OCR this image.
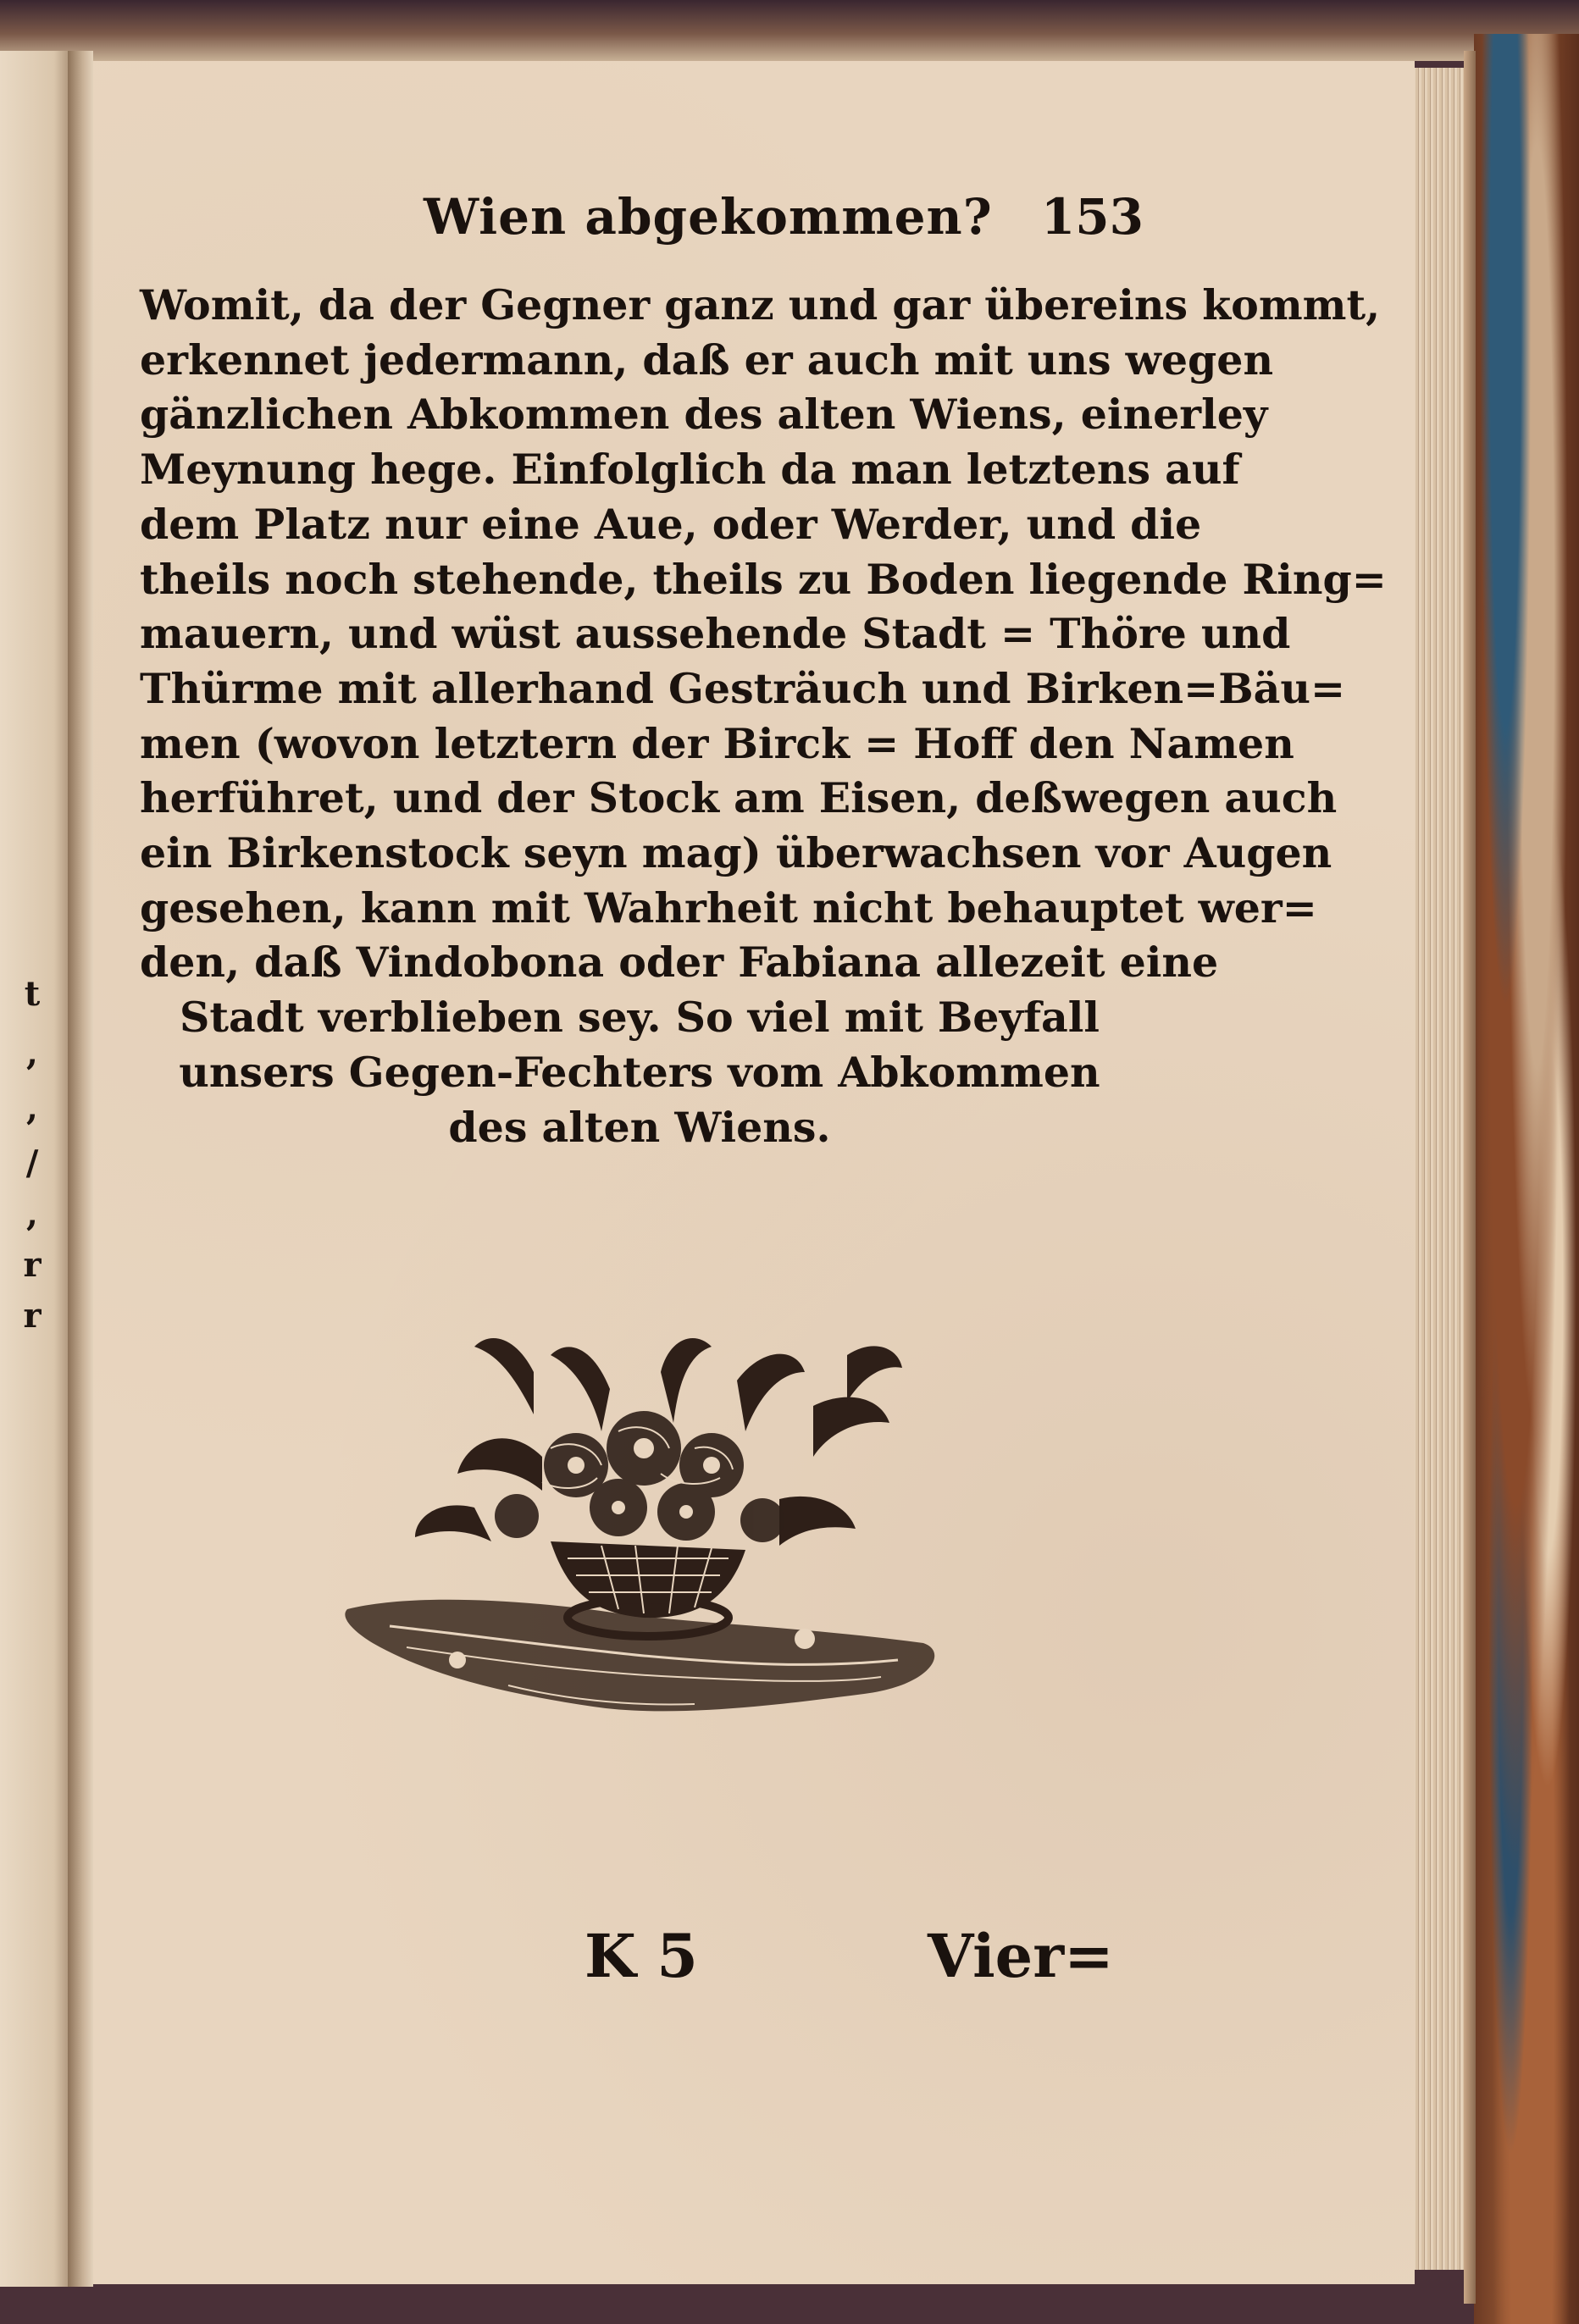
t
,
,
/
,
r
r
Wien abgekommen? 153
Womit, da der Gegner ganz und gar übereins kommt,
erkennet jedermann, daß er auch mit uns wegen
gänzlichen Abkommen des alten Wiens, einerley
Meynung hege. Einfolglich da man letztens auf
dem Platz nur eine Aue, oder Werder, und die
theils noch stehende, theils zu Boden liegende Ring=
mauern, und wüst aussehende Stadt = Thöre und
Thürme mit allerhand Gesträuch und Birken=Bäu=
men (wovon letztern der Birck = Hoff den Namen
herführet, und der Stock am Eisen, deßwegen auch
ein Birkenstock seyn mag) überwachsen vor Augen
gesehen, kann mit Wahrheit nicht behauptet wer=
den, daß Vindobona oder Fabiana allezeit eine
Stadt verblieben sey. So viel mit Beyfall
unsers Gegen-Fechters vom Abkommen
des alten Wiens.
K 5	Vier=
